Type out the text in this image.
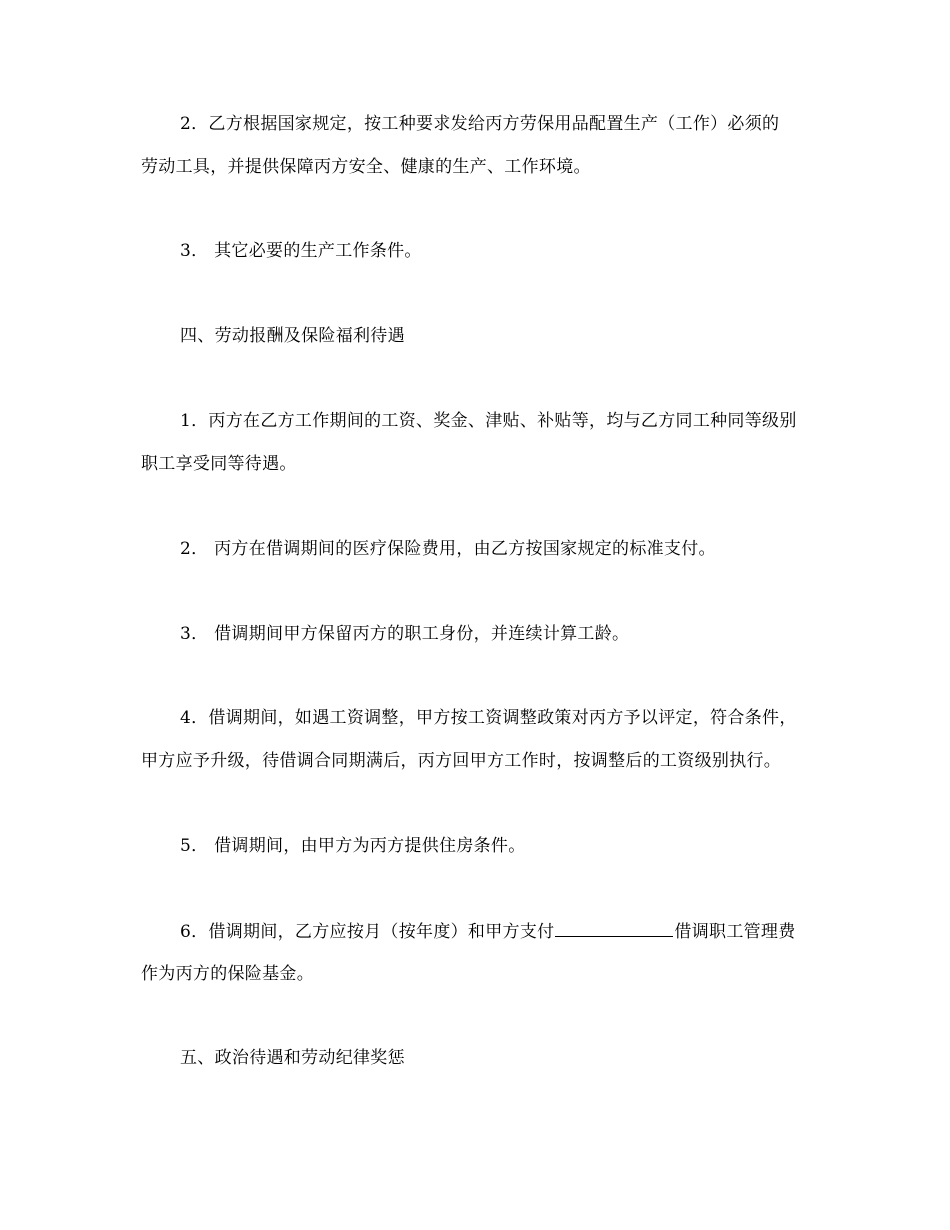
2．乙方根据国家规定，按工种要求发给丙方劳保用品配置生产（工作）必须的
劳动工具，并提供保障丙方安全、健康的生产、工作环境。
3． 其它必要的生产工作条件。
四、劳动报酬及保险福利待遇
1．丙方在乙方工作期间的工资、奖金、津贴、补贴等，均与乙方同工种同等级别
职工享受同等待遇。
2． 丙方在借调期间的医疗保险费用，由乙方按国家规定的标准支付。
3． 借调期间甲方保留丙方的职工身份，并连续计算工龄。
4．借调期间，如遇工资调整，甲方按工资调整政策对丙方予以评定，符合条件，
甲方应予升级，待借调合同期满后，丙方回甲方工作时，按调整后的工资级别执行。
5． 借调期间，由甲方为丙方提供住房条件。
6．借调期间，乙方应按月（按年度）和甲方支付	借调职工管理费
作为丙方的保险基金。
五、政治待遇和劳动纪律奖惩
